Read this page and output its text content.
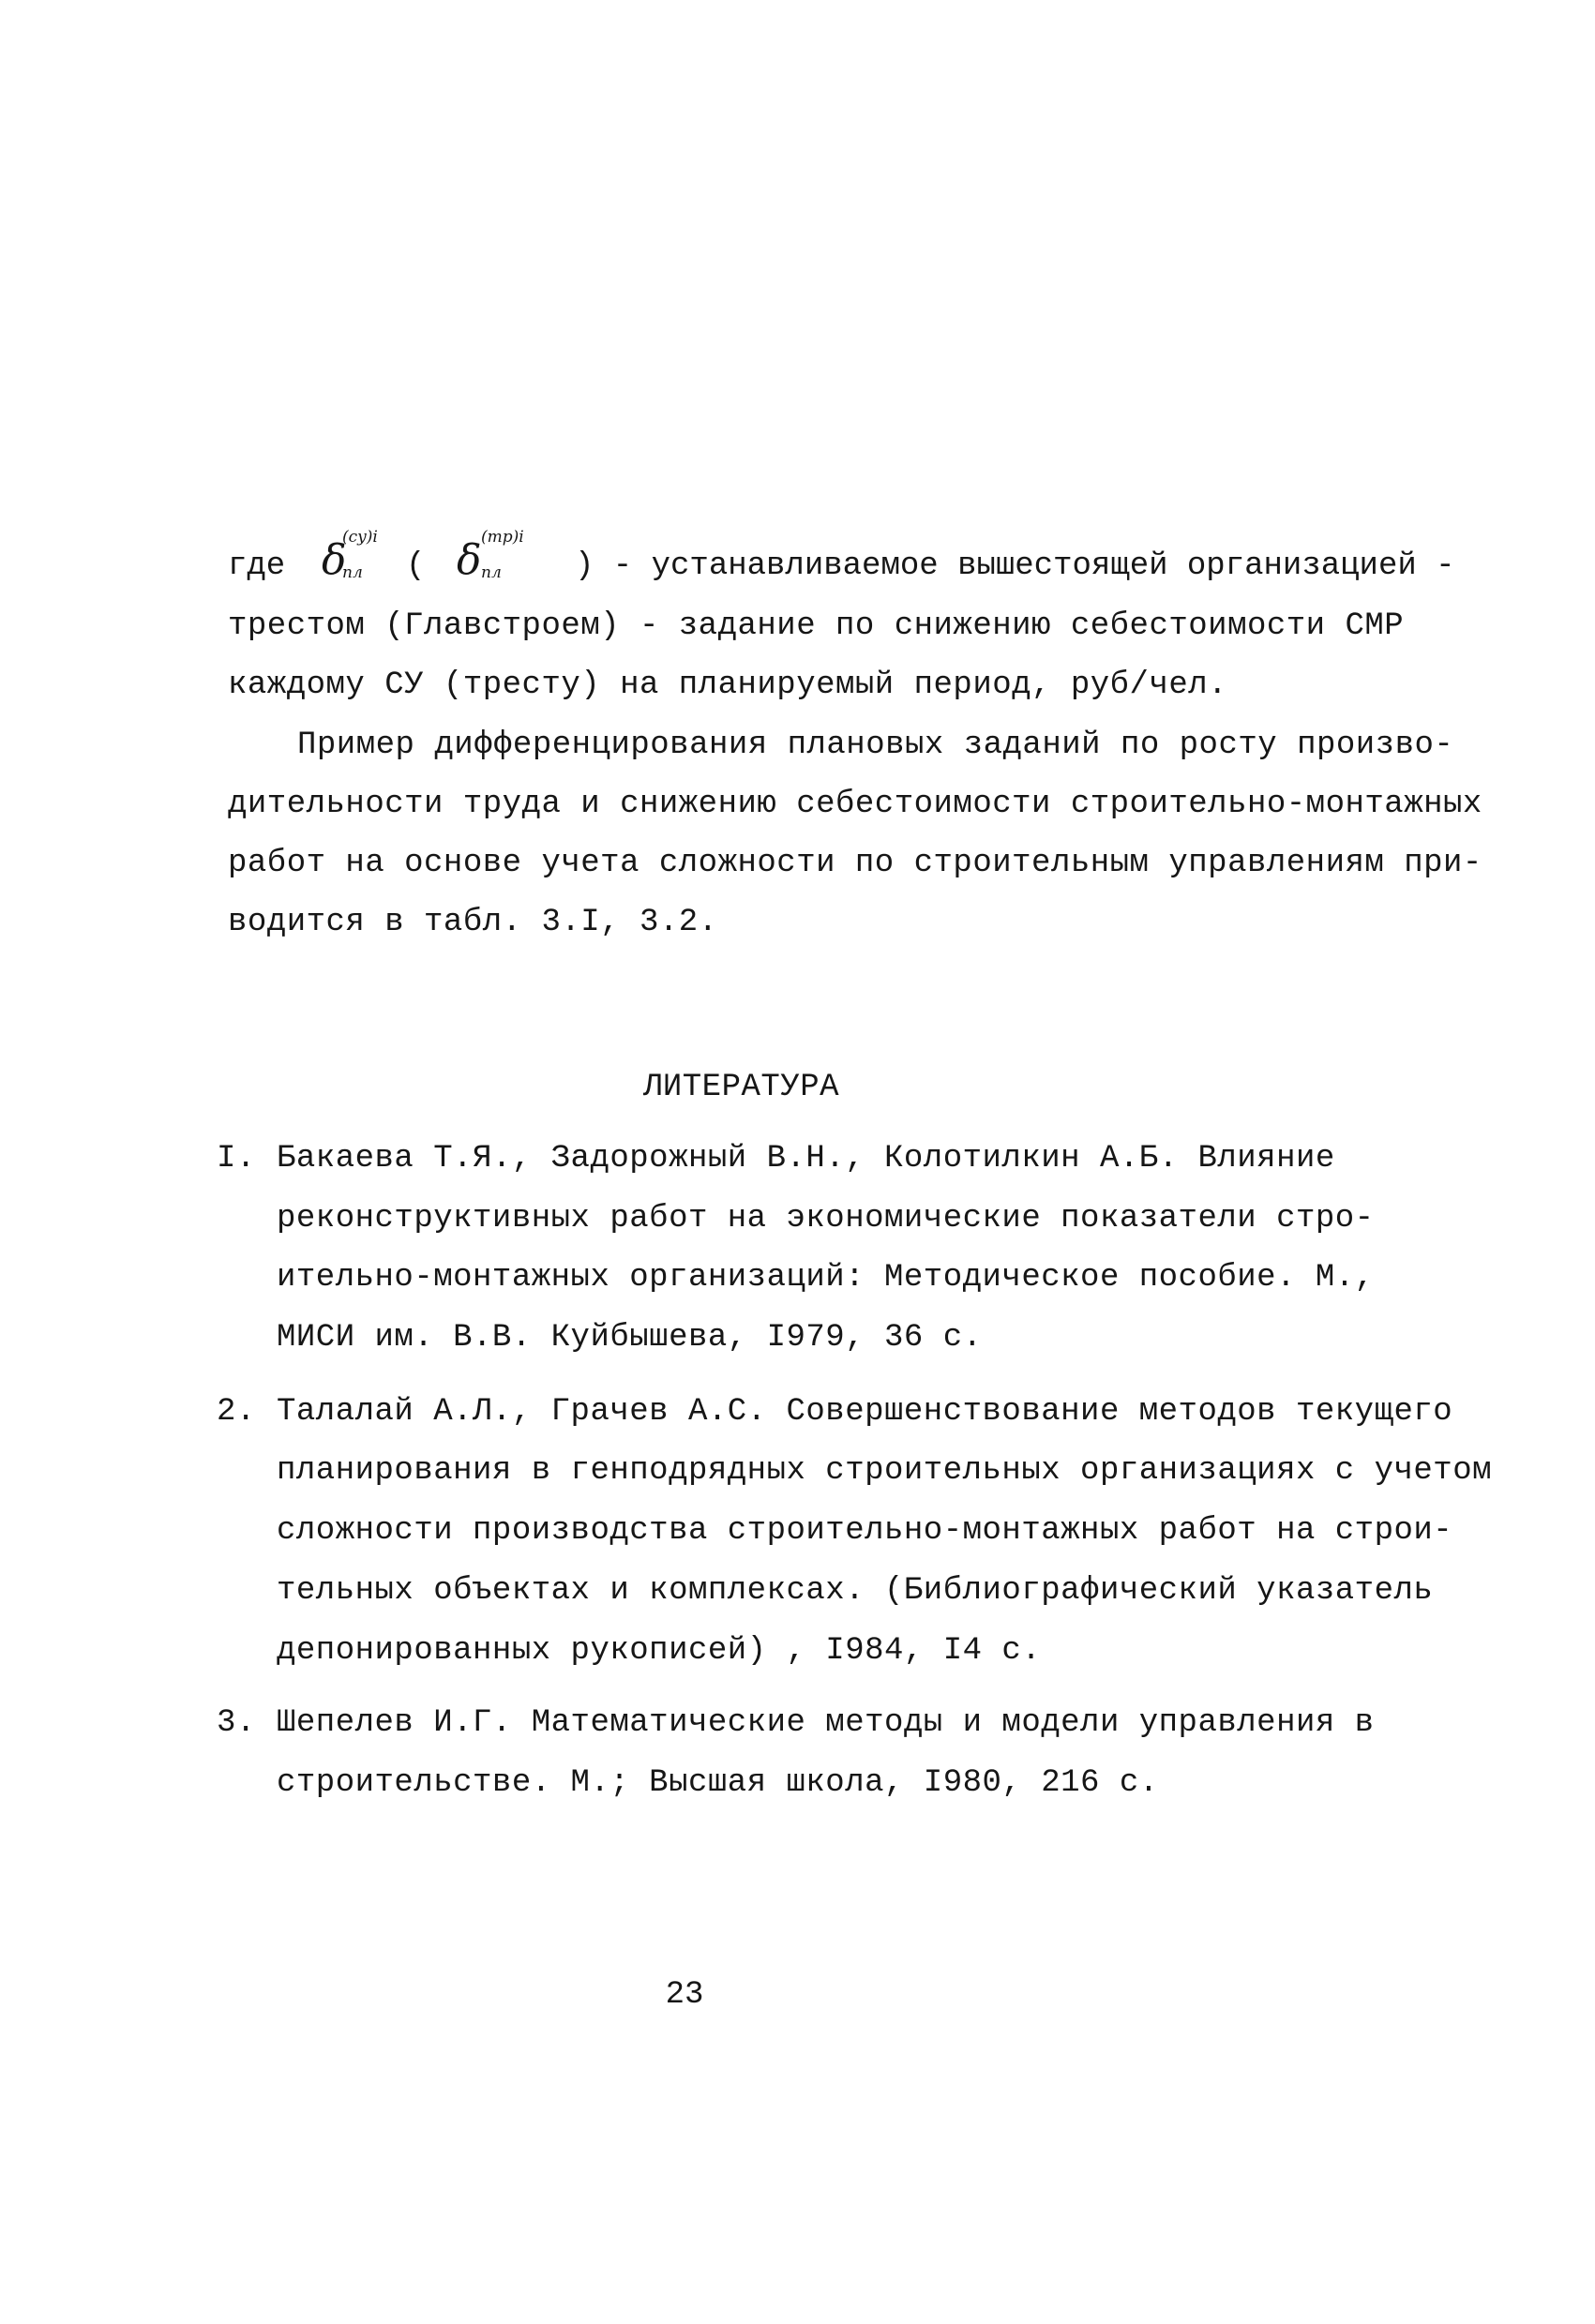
где

δ

(cy)i

пл

(

δ

(mp)i

пл

) - устанавливаемое вышестоящей организацией -

трестом (Главстроем) - задание по снижению себестоимости СМР
каждому СУ (тресту) на планируемый период, руб/чел.
Пример дифференцирования плановых заданий по росту произво-
дительности труда и снижению себестоимости строительно-монтажных
работ на основе учета сложности по строительным управлениям при-
водится в табл. 3.I, 3.2.
ЛИТЕРАТУРА
I. Бакаева Т.Я., Задорожный В.Н., Колотилкин А.Б. Влияние
реконструктивных работ на экономические показатели стро-
ительно-монтажных организаций: Методическое пособие. М.,
МИСИ им. В.В. Куйбышева, I979, 36 с.
2. Талалай А.Л., Грачев А.С. Совершенствование методов текущего
планирования в генподрядных строительных организациях с учетом
сложности производства строительно-монтажных работ на строи-
тельных объектах и комплексах. (Библиографический указатель
депонированных рукописей) , I984, I4 с.
3. Шепелев И.Г. Математические методы и модели управления в
строительстве. М.; Высшая школа, I980, 216 с.
23
